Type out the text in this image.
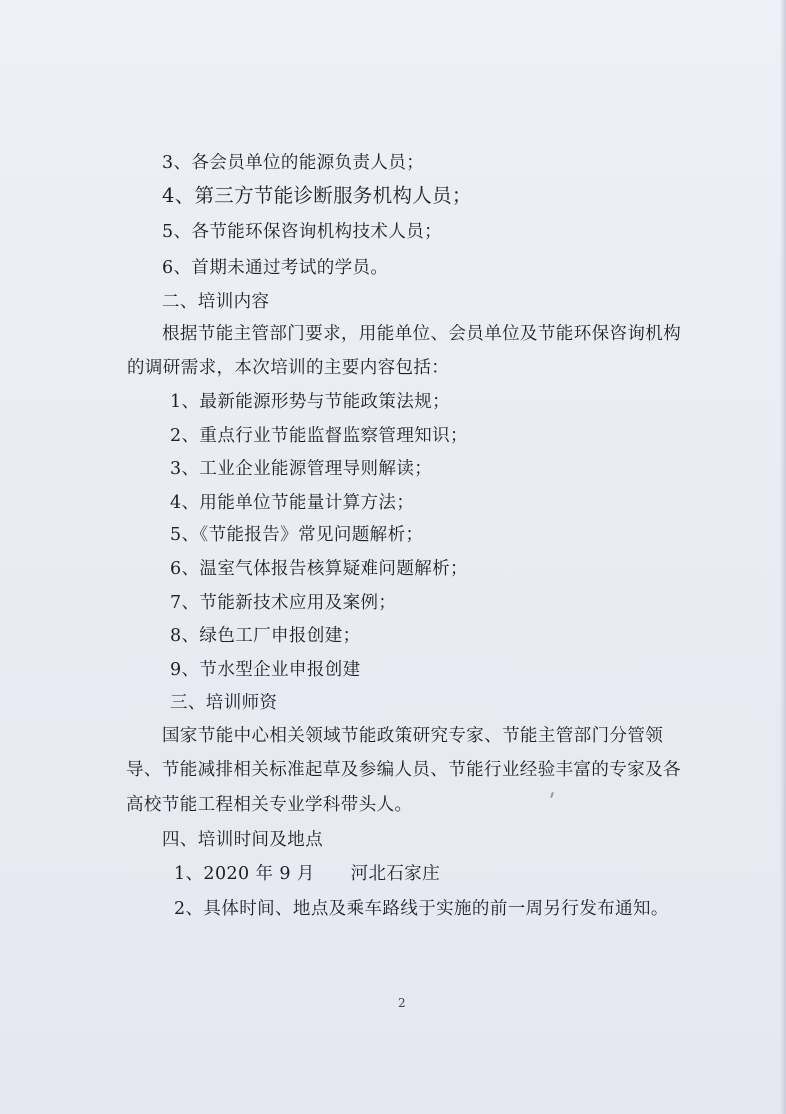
3、各会员单位的能源负责人员；
4、第三方节能诊断服务机构人员；
5、各节能环保咨询机构技术人员；
6、首期未通过考试的学员。
二、培训内容
根据节能主管部门要求，用能单位、会员单位及节能环保咨询机构
的调研需求，本次培训的主要内容包括：
1、最新能源形势与节能政策法规；
2、重点行业节能监督监察管理知识；
3、工业企业能源管理导则解读；
4、用能单位节能量计算方法；
5、《节能报告》常见问题解析；
6、温室气体报告核算疑难问题解析；
7、节能新技术应用及案例；
8、绿色工厂申报创建；
9、节水型企业申报创建
三、培训师资
国家节能中心相关领域节能政策研究专家、节能主管部门分管领
导、节能减排相关标准起草及参编人员、节能行业经验丰富的专家及各
高校节能工程相关专业学科带头人。
四、培训时间及地点
1、2020 年 9 月　　河北石家庄
2、具体时间、地点及乘车路线于实施的前一周另行发布通知。
2
